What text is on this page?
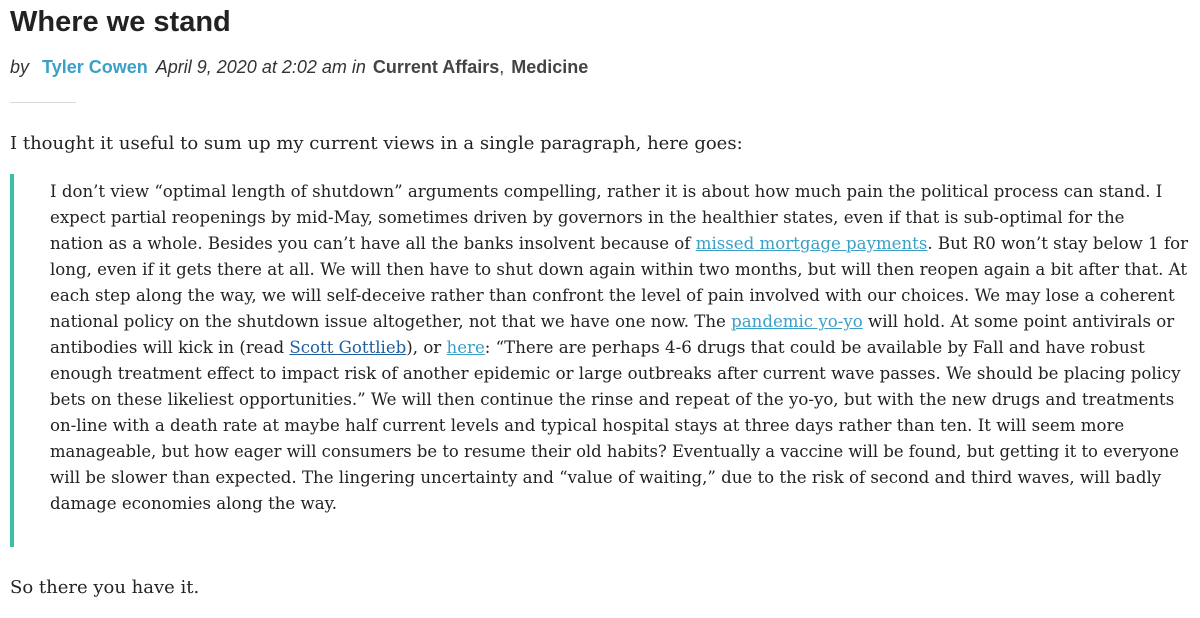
Where we stand
by Tyler Cowen April 9, 2020 at 2:02 am in Current Affairs, Medicine

I thought it useful to sum up my current views in a single paragraph, here goes:

I don’t view “optimal length of shutdown” arguments compelling, rather it is about how much pain the political process can stand. I
expect partial reopenings by mid-May, sometimes driven by governors in the healthier states, even if that is sub-optimal for the
nation as a whole. Besides you can’t have all the banks insolvent because of missed mortgage payments. But R0 won’t stay below 1 for
long, even if it gets there at all. We will then have to shut down again within two months, but will then reopen again a bit after that. At
each step along the way, we will self-deceive rather than confront the level of pain involved with our choices. We may lose a coherent
national policy on the shutdown issue altogether, not that we have one now. The pandemic yo-yo will hold. At some point antivirals or
antibodies will kick in (read Scott Gottlieb), or here: “There are perhaps 4-6 drugs that could be available by Fall and have robust
enough treatment effect to impact risk of another epidemic or large outbreaks after current wave passes. We should be placing policy
bets on these likeliest opportunities.” We will then continue the rinse and repeat of the yo-yo, but with the new drugs and treatments
on-line with a death rate at maybe half current levels and typical hospital stays at three days rather than ten. It will seem more
manageable, but how eager will consumers be to resume their old habits? Eventually a vaccine will be found, but getting it to everyone
will be slower than expected. The lingering uncertainty and “value of waiting,” due to the risk of second and third waves, will badly
damage economies along the way.

So there you have it.
